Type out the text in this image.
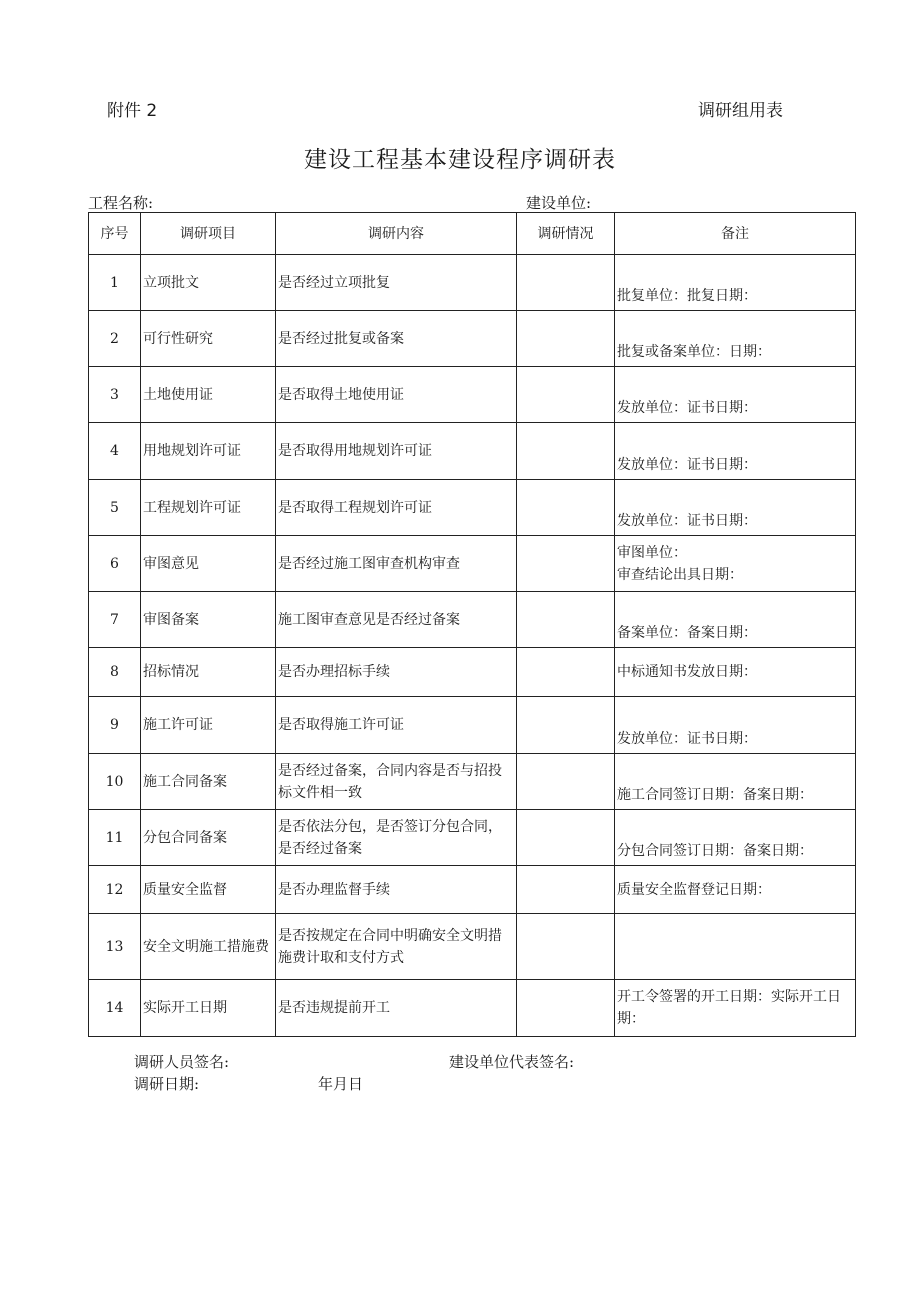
附件 2	调研组用表
建设工程基本建设程序调研表
工程名称:	建设单位:
序号	调研项目	调研内容	调研情况	备注
1	立项批文	是否经过立项批复		批复单位：批复日期：
2	可行性研究	是否经过批复或备案		批复或备案单位：日期：
3	土地使用证	是否取得土地使用证		发放单位：证书日期：
4	用地规划许可证	是否取得用地规划许可证		发放单位：证书日期：
5	工程规划许可证	是否取得工程规划许可证		发放单位：证书日期：
6	审图意见	是否经过施工图审查机构审查		审图单位：
审查结论出具日期：

7	审图备案	施工图审查意见是否经过备案		备案单位：备案日期：
8	招标情况	是否办理招标手续		中标通知书发放日期：
9	施工许可证	是否取得施工许可证		发放单位：证书日期：
10	施工合同备案	是否经过备案，合同内容是否与招投标文件相一致		施工合同签订日期：备案日期：
11	分包合同备案	是否依法分包，是否签订分包合同，是否经过备案		分包合同签订日期：备案日期：
12	质量安全监督	是否办理监督手续		质量安全监督登记日期：
13	安全文明施工措施费	是否按规定在合同中明确安全文明措施费计取和支付方式		
14	实际开工日期	是否违规提前开工		开工令签署的开工日期：实际开工日期：
调研人员签名:	建设单位代表签名:
调研日期:	年月日
